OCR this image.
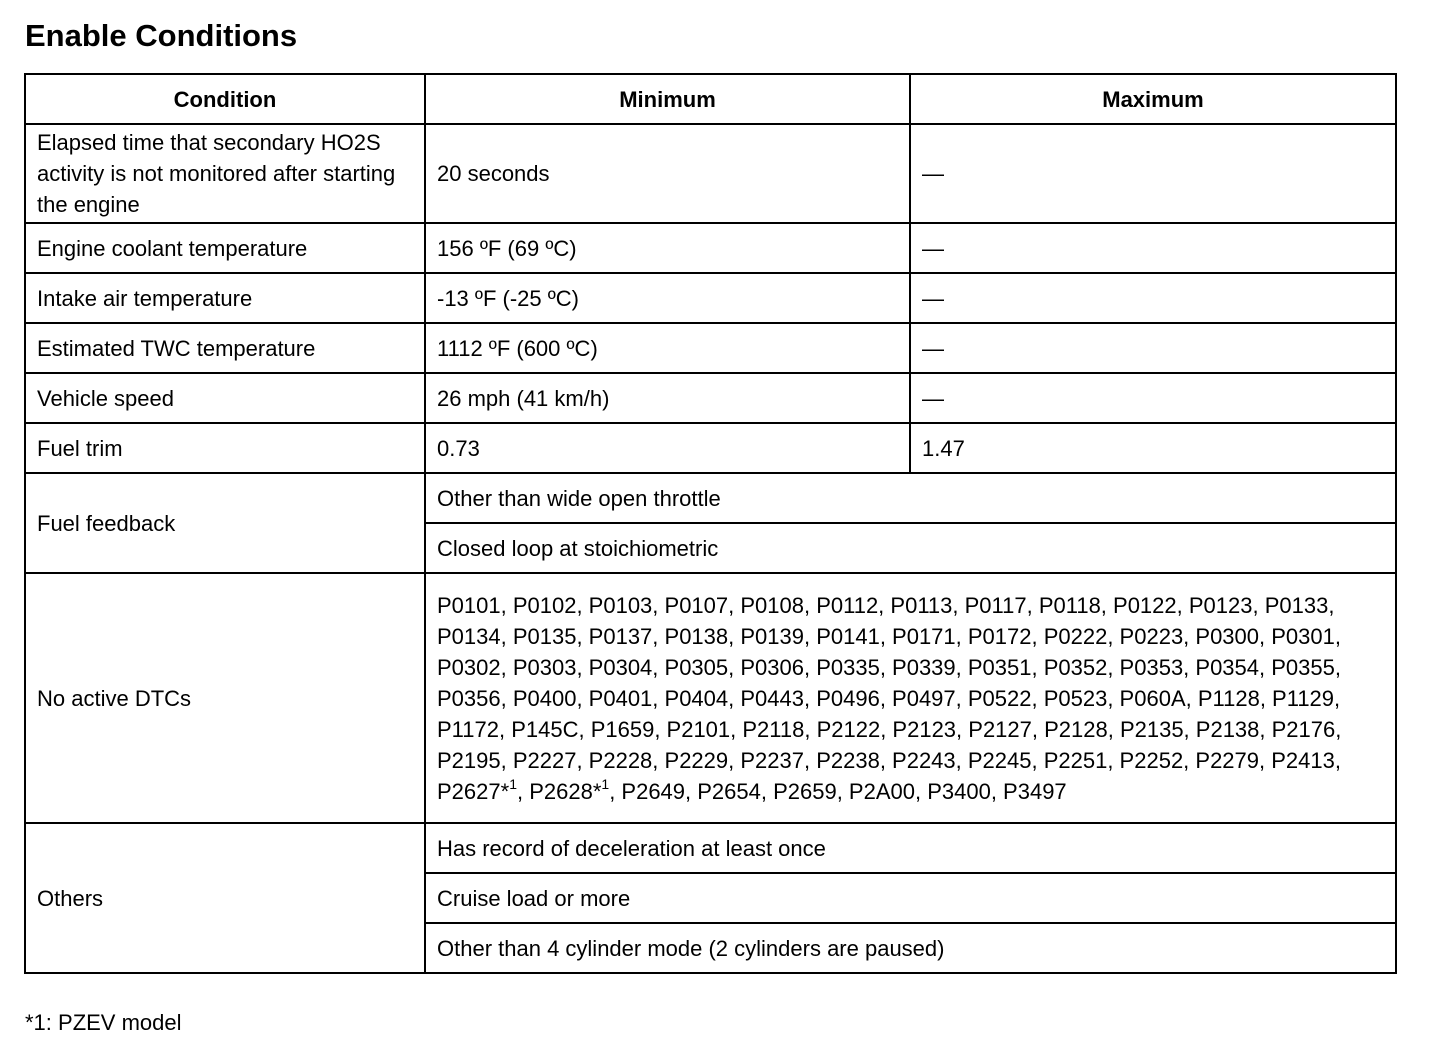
Enable Conditions
Condition	Minimum	Maximum
Elapsed time that secondary HO2S activity is not monitored after starting the engine	20 seconds	—
Engine coolant temperature	156 ºF (69 ºC)	—
Intake air temperature	-13 ºF (-25 ºC)	—
Estimated TWC temperature	1112 ºF (600 ºC)	—
Vehicle speed	26 mph (41 km/h)	—
Fuel trim	0.73	1.47
Fuel feedback	Other than wide open throttle	
	Closed loop at stoichiometric	
No active DTCs	P0101, P0102, P0103, P0107, P0108, P0112, P0113, P0117, P0118, P0122, P0123, P0133, P0134, P0135, P0137, P0138, P0139, P0141, P0171, P0172, P0222, P0223, P0300, P0301, P0302, P0303, P0304, P0305, P0306, P0335, P0339, P0351, P0352, P0353, P0354, P0355, P0356, P0400, P0401, P0404, P0443, P0496, P0497, P0522, P0523, P060A, P1128, P1129, P1172, P145C, P1659, P2101, P2118, P2122, P2123, P2127, P2128, P2135, P2138, P2176, P2195, P2227, P2228, P2229, P2237, P2238, P2243, P2245, P2251, P2252, P2279, P2413, P2627*$^1$, P2628*$^1$, P2649, P2654, P2659, P2A00, P3400, P3497	
Others	Has record of deceleration at least once	
	Cruise load or more	
	Other than 4 cylinder mode (2 cylinders are paused)	
*1: PZEV model
